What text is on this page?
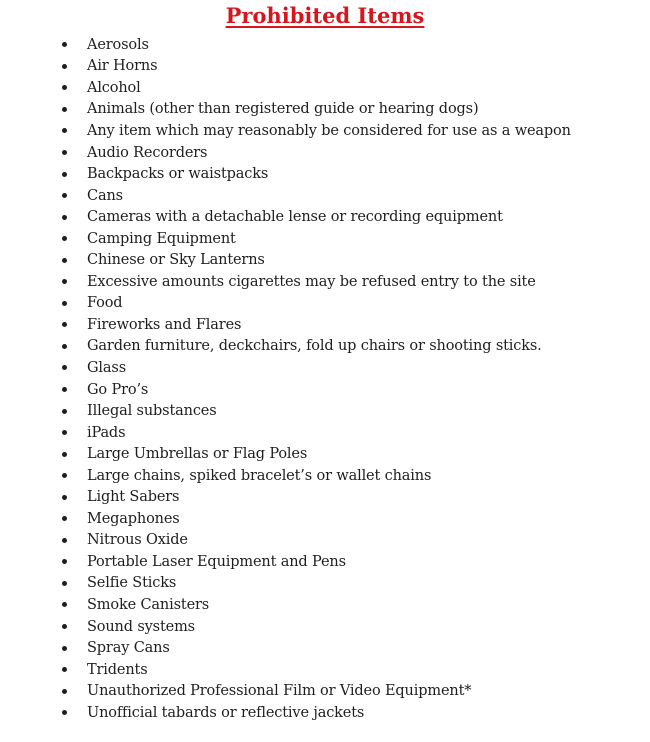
Prohibited Items
Aerosols
Air Horns
Alcohol
Animals (other than registered guide or hearing dogs)
Any item which may reasonably be considered for use as a weapon
Audio Recorders
Backpacks or waistpacks
Cans
Cameras with a detachable lense or recording equipment
Camping Equipment
Chinese or Sky Lanterns
Excessive amounts cigarettes may be refused entry to the site
Food
Fireworks and Flares
Garden furniture, deckchairs, fold up chairs or shooting sticks.
Glass
Go Pro’s
Illegal substances
iPads
Large Umbrellas or Flag Poles
Large chains, spiked bracelet’s or wallet chains
Light Sabers
Megaphones
Nitrous Oxide
Portable Laser Equipment and Pens
Selfie Sticks
Smoke Canisters
Sound systems
Spray Cans
Tridents
Unauthorized Professional Film or Video Equipment*
Unofficial tabards or reflective jackets
